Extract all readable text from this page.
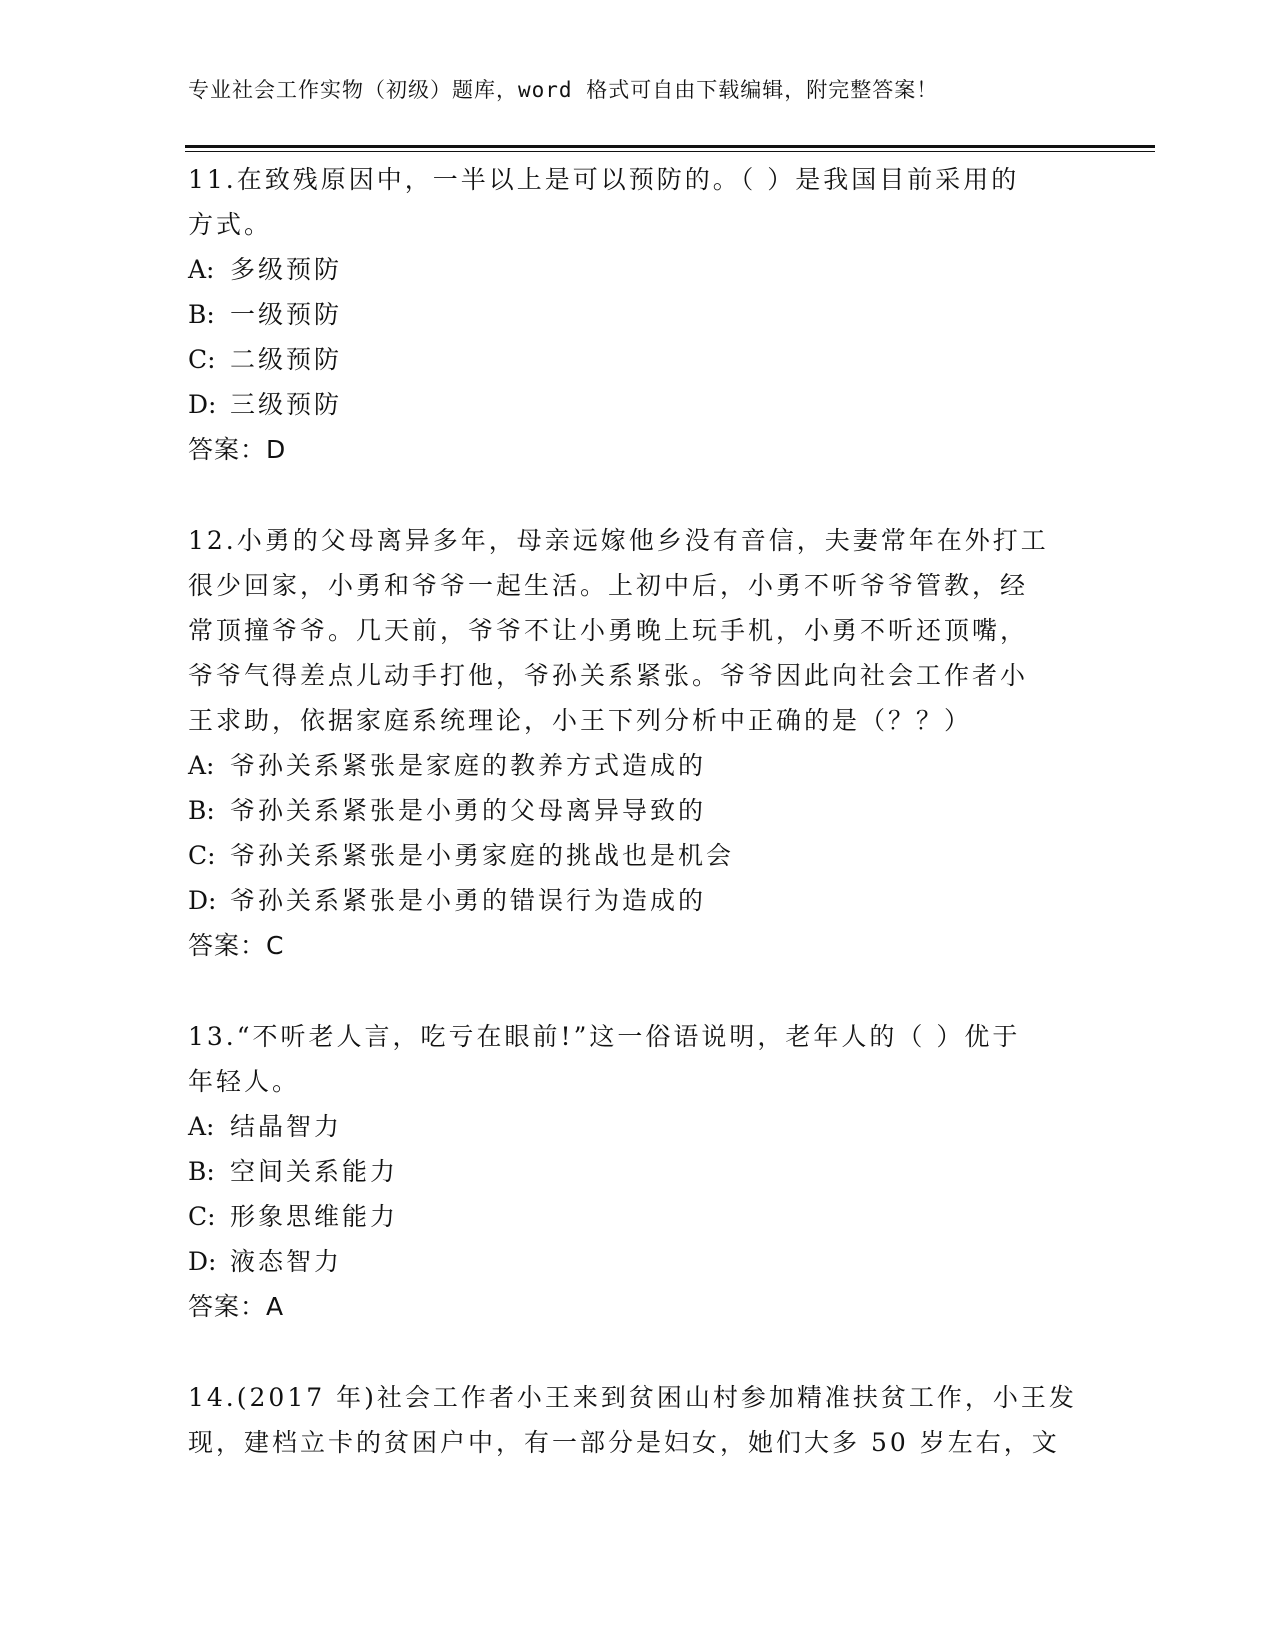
专业社会工作实物（初级）题库，word 格式可自由下载编辑，附完整答案！
11.在致残原因中，一半以上是可以预防的。（ ）是我国目前采用的
方式。
A: 多级预防
B: 一级预防
C: 二级预防
D: 三级预防
答案：D
12.小勇的父母离异多年，母亲远嫁他乡没有音信，夫妻常年在外打工
很少回家，小勇和爷爷一起生活。上初中后，小勇不听爷爷管教，经
常顶撞爷爷。几天前，爷爷不让小勇晚上玩手机，小勇不听还顶嘴，
爷爷气得差点儿动手打他，爷孙关系紧张。爷爷因此向社会工作者小
王求助，依据家庭系统理论，小王下列分析中正确的是（？？）
A: 爷孙关系紧张是家庭的教养方式造成的
B: 爷孙关系紧张是小勇的父母离异导致的
C: 爷孙关系紧张是小勇家庭的挑战也是机会
D: 爷孙关系紧张是小勇的错误行为造成的
答案：C
13.“不听老人言，吃亏在眼前!”这一俗语说明，老年人的（ ）优于
年轻人。
A: 结晶智力
B: 空间关系能力
C: 形象思维能力
D: 液态智力
答案：A
14.(2017 年)社会工作者小王来到贫困山村参加精准扶贫工作，小王发
现，建档立卡的贫困户中，有一部分是妇女，她们大多 50 岁左右，文
